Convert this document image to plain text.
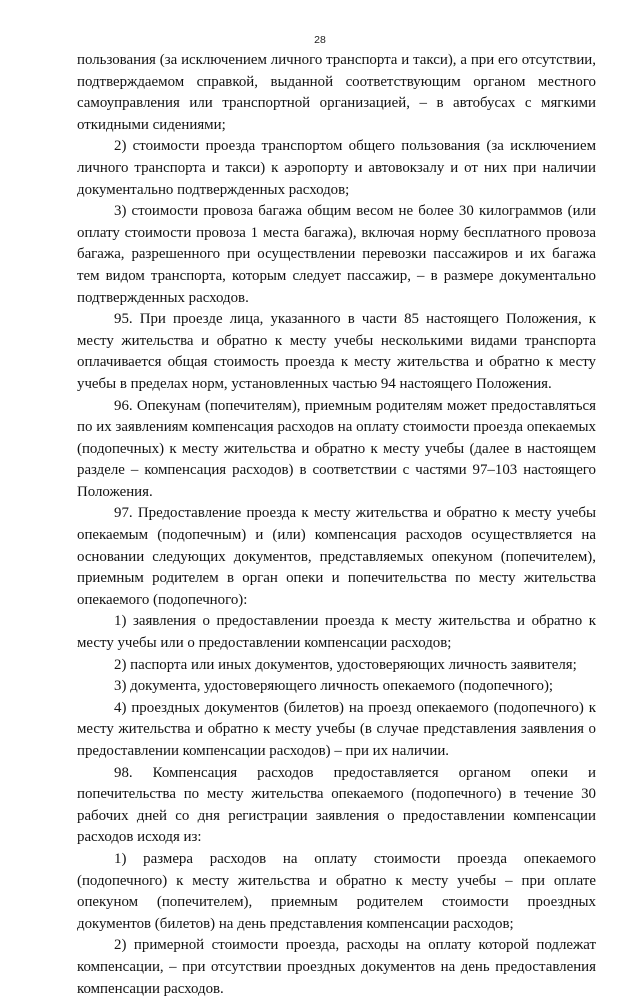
28

пользования (за исключением личного транспорта и такси), а при его отсутствии, подтверждаемом справкой, выданной соответствующим органом местного самоуправления или транспортной организацией, – в автобусах с мягкими откидными сидениями;

2) стоимости проезда транспортом общего пользования (за исключением личного транспорта и такси) к аэропорту и автовокзалу и от них при наличии документально подтвержденных расходов;

3) стоимости провоза багажа общим весом не более 30 килограммов (или оплату стоимости провоза 1 места багажа), включая норму бесплатного провоза багажа, разрешенного при осуществлении перевозки пассажиров и их багажа тем видом транспорта, которым следует пассажир, – в размере документально подтвержденных расходов.

95. При проезде лица, указанного в части 85 настоящего Положения, к месту жительства и обратно к месту учебы несколькими видами транспорта оплачивается общая стоимость проезда к месту жительства и обратно к месту учебы в пределах норм, установленных частью 94 настоящего Положения.

96. Опекунам (попечителям), приемным родителям может предоставляться по их заявлениям компенсация расходов на оплату стоимости проезда опекаемых (подопечных) к месту жительства и обратно к месту учебы (далее в настоящем разделе – компенсация расходов) в соответствии с частями 97–103 настоящего Положения.

97. Предоставление проезда к месту жительства и обратно к месту учебы опекаемым (подопечным) и (или) компенсация расходов осуществляется на основании следующих документов, представляемых опекуном (попечителем), приемным родителем в орган опеки и попечительства по месту жительства опекаемого (подопечного):

1) заявления о предоставлении проезда к месту жительства и обратно к месту учебы или о предоставлении компенсации расходов;

2) паспорта или иных документов, удостоверяющих личность заявителя;

3) документа, удостоверяющего личность опекаемого (подопечного);

4) проездных документов (билетов) на проезд опекаемого (подопечного) к месту жительства и обратно к месту учебы (в случае представления заявления о предоставлении компенсации расходов) – при их наличии.

98. Компенсация расходов предоставляется органом опеки и попечительства по месту жительства опекаемого (подопечного) в течение 30 рабочих дней со дня регистрации заявления о предоставлении компенсации расходов исходя из:

1) размера расходов на оплату стоимости проезда опекаемого (подопечного) к месту жительства и обратно к месту учебы – при оплате опекуном (попечителем), приемным родителем стоимости проездных документов (билетов) на день представления компенсации расходов;

2) примерной стоимости проезда, расходы на оплату которой подлежат компенсации, – при отсутствии проездных документов на день предоставления компенсации расходов.
